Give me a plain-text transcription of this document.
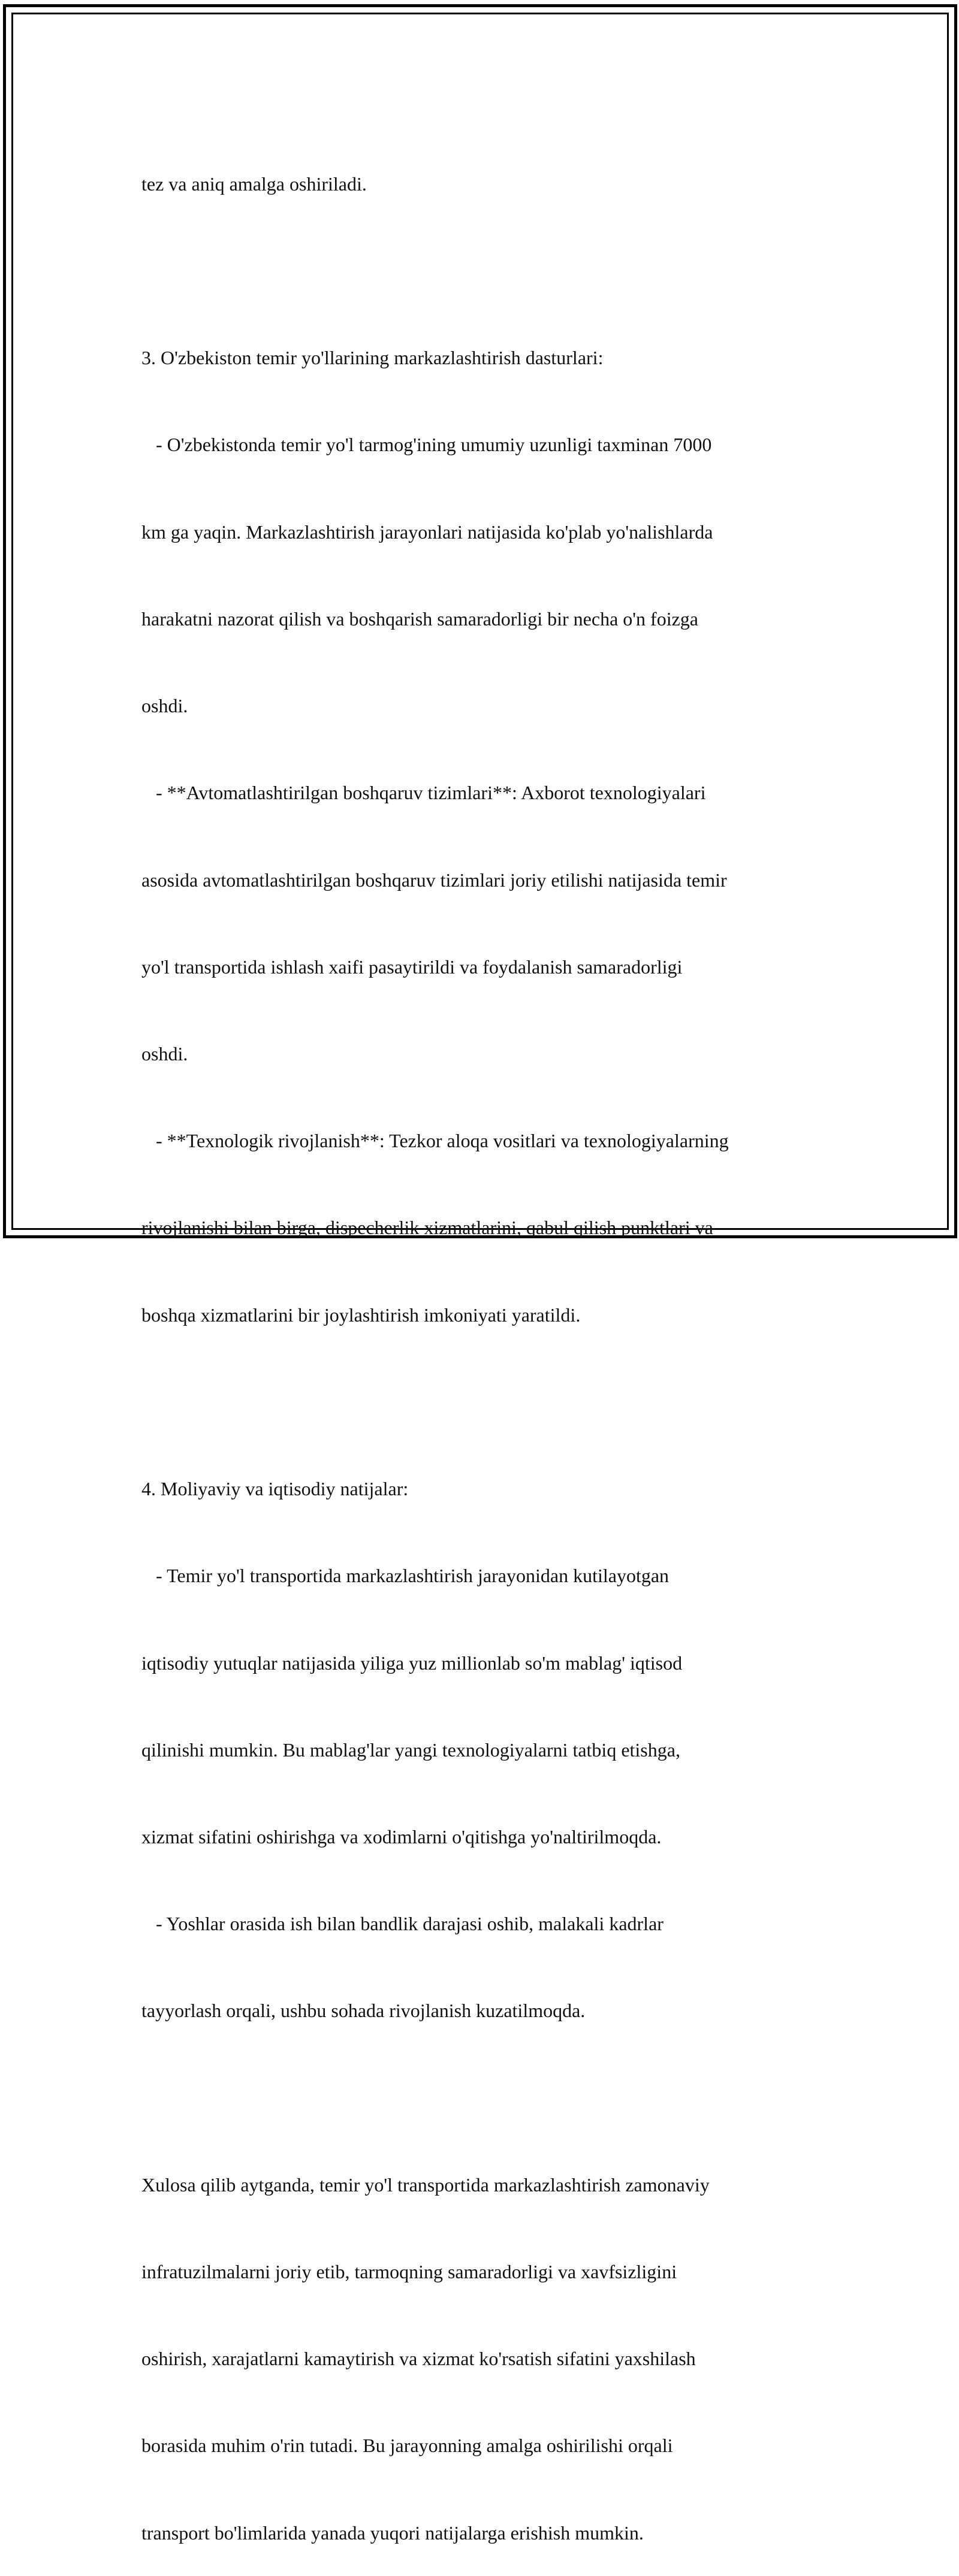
tez va aniq amalga oshiriladi.

3. O'zbekiston temir yo'llarining markazlashtirish dasturlari:

- O'zbekistonda temir yo'l tarmog'ining umumiy uzunligi taxminan 7000

km ga yaqin. Markazlashtirish jarayonlari natijasida ko'plab yo'nalishlarda

harakatni nazorat qilish va boshqarish samaradorligi bir necha o'n foizga

oshdi.

- **Avtomatlashtirilgan boshqaruv tizimlari**: Axborot texnologiyalari

asosida avtomatlashtirilgan boshqaruv tizimlari joriy etilishi natijasida temir

yo'l transportida ishlash xaifi pasaytirildi va foydalanish samaradorligi

oshdi.

- **Texnologik rivojlanish**: Tezkor aloqa vositlari va texnologiyalarning

rivojlanishi bilan birga, dispecherlik xizmatlarini, qabul qilish punktlari va

boshqa xizmatlarini bir joylashtirish imkoniyati yaratildi.

4. Moliyaviy va iqtisodiy natijalar:

- Temir yo'l transportida markazlashtirish jarayonidan kutilayotgan

iqtisodiy yutuqlar natijasida yiliga yuz millionlab so'm mablag' iqtisod

qilinishi mumkin. Bu mablag'lar yangi texnologiyalarni tatbiq etishga,

xizmat sifatini oshirishga va xodimlarni o'qitishga yo'naltirilmoqda.

- Yoshlar orasida ish bilan bandlik darajasi oshib, malakali kadrlar

tayyorlash orqali, ushbu sohada rivojlanish kuzatilmoqda.

Xulosa qilib aytganda, temir yo'l transportida markazlashtirish zamonaviy

infratuzilmalarni joriy etib, tarmoqning samaradorligi va xavfsizligini

oshirish, xarajatlarni kamaytirish va xizmat ko'rsatish sifatini yaxshilash

borasida muhim o'rin tutadi. Bu jarayonning amalga oshirilishi orqali

transport bo'limlarida yanada yuqori natijalarga erishish mumkin.
